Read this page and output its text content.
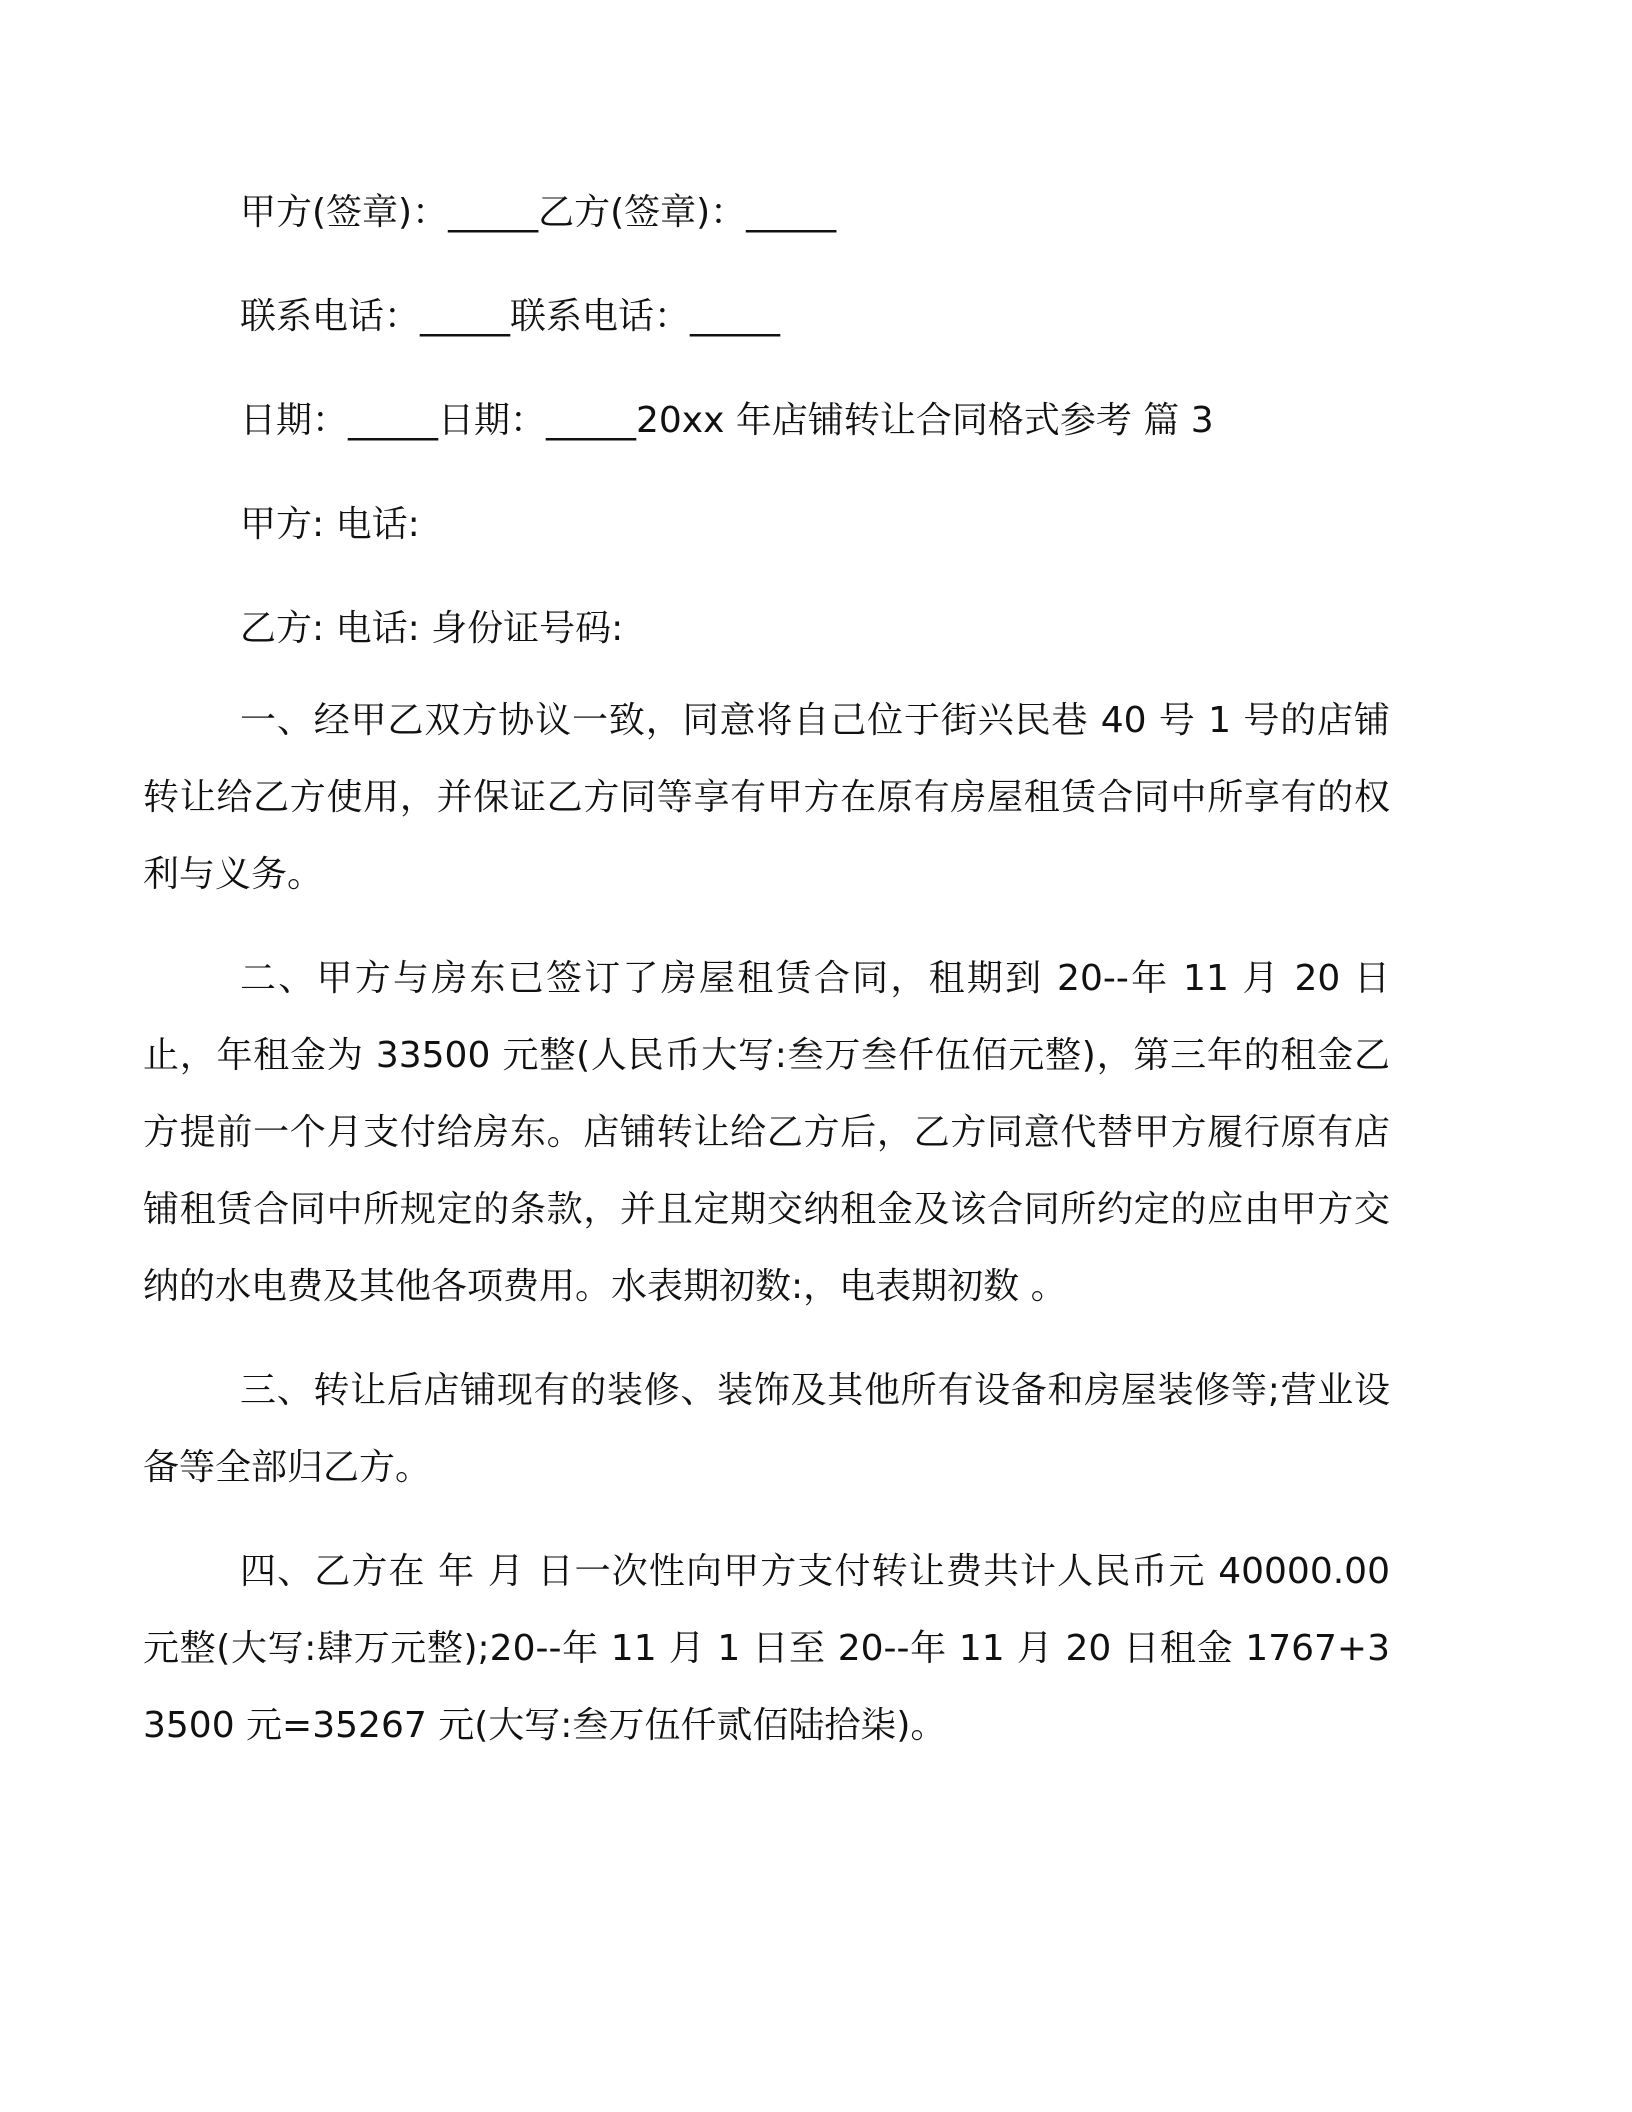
甲方(签章)：_____乙方(签章)：_____

联系电话：_____联系电话：_____

日期：_____日期：_____20xx 年店铺转让合同格式参考 篇 3

甲方: 电话:

乙方: 电话: 身份证号码:

一、经甲乙双方协议一致，同意将自己位于街兴民巷 40 号 1 号的店铺转让给乙方使用，并保证乙方同等享有甲方在原有房屋租赁合同中所享有的权利与义务。

二、甲方与房东已签订了房屋租赁合同，租期到 20--年 11 月 20 日止，年租金为 33500 元整(人民币大写:叁万叁仟伍佰元整)，第三年的租金乙方提前一个月支付给房东。店铺转让给乙方后，乙方同意代替甲方履行原有店铺租赁合同中所规定的条款，并且定期交纳租金及该合同所约定的应由甲方交纳的水电费及其他各项费用。水表期初数:，电表期初数 。

三、转让后店铺现有的装修、装饰及其他所有设备和房屋装修等;营业设备等全部归乙方。

四、乙方在 年 月 日一次性向甲方支付转让费共计人民币元 40000.00 元整(大写:肆万元整);20--年 11 月 1 日至 20--年 11 月 20 日租金 1767+33500 元=35267 元(大写:叁万伍仟贰佰陆拾柒)。
